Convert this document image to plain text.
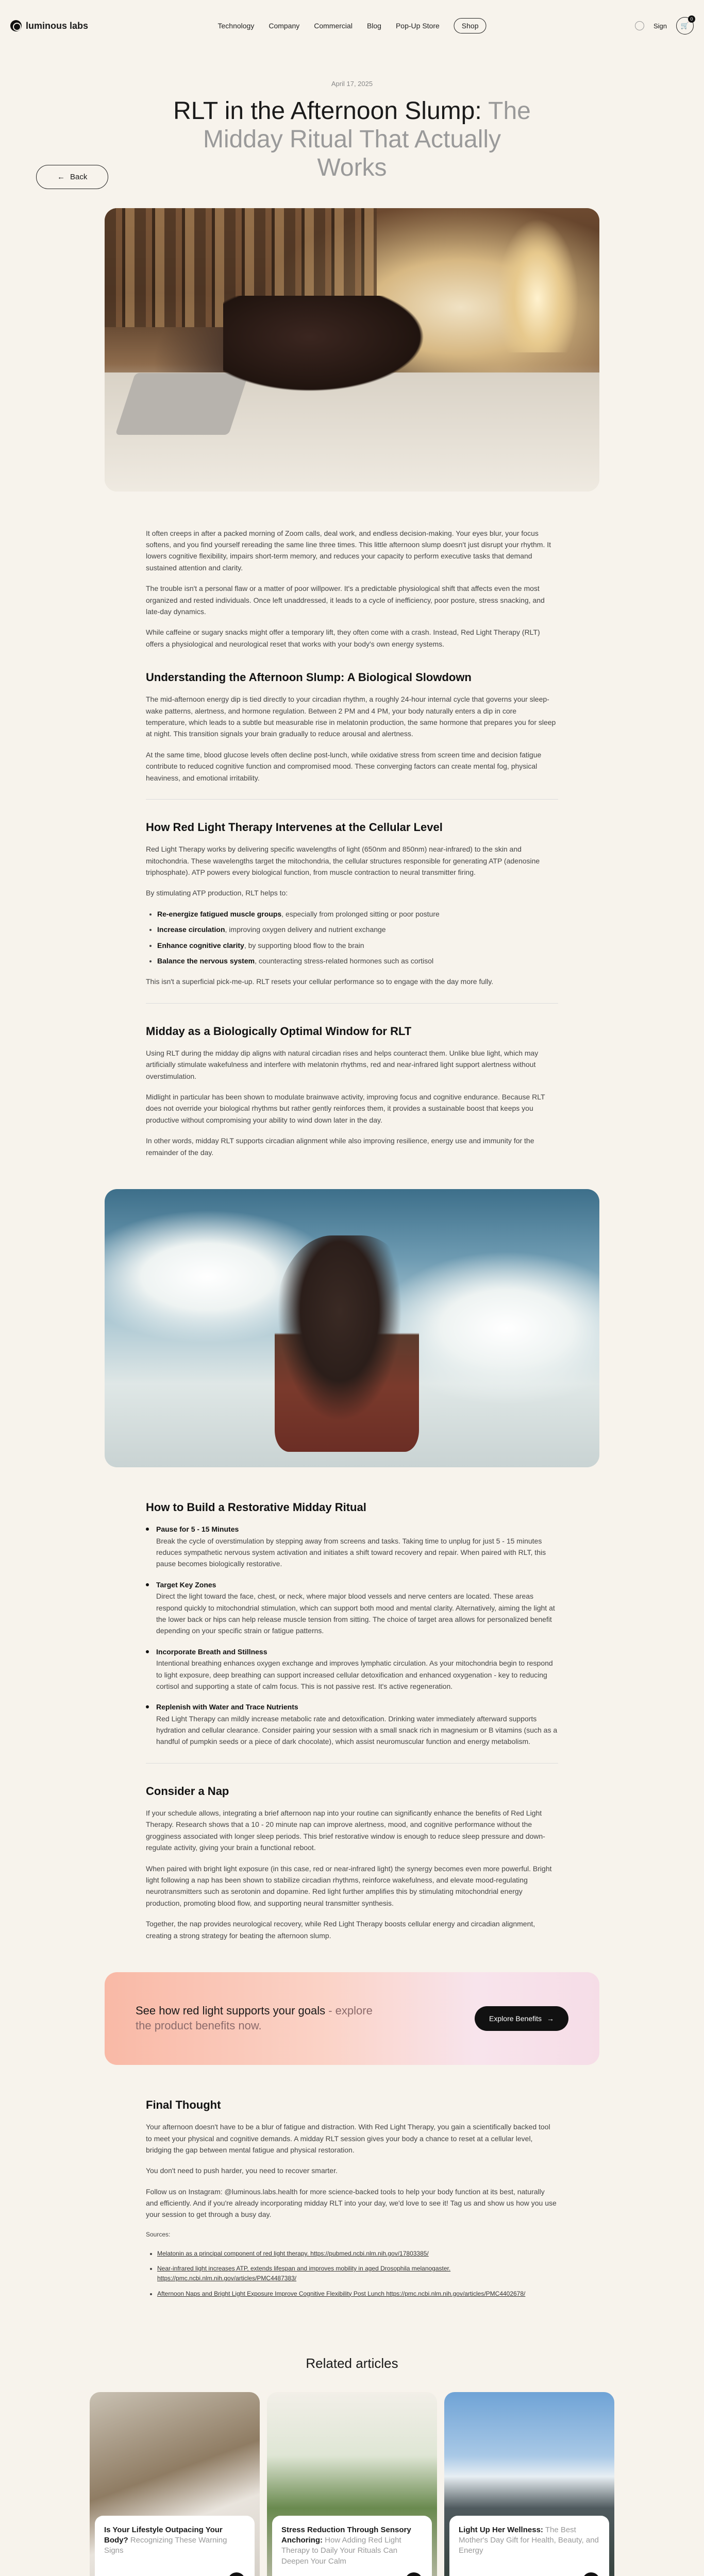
luminous labs	Technology Company Commercial Blog Pop-Up Store	Shop	Sign 🛒
0
← Back
April 17, 2025
RLT in the Afternoon Slump: The Midday Ritual That Actually Works

It often creeps in after a packed morning of Zoom calls, deal work, and endless decision-making. Your eyes blur, your focus softens, and you find yourself rereading the same line three times. This little afternoon slump doesn't just disrupt your rhythm. It lowers cognitive flexibility, impairs short-term memory, and reduces your capacity to perform executive tasks that demand sustained attention and clarity.

The trouble isn't a personal flaw or a matter of poor willpower. It's a predictable physiological shift that affects even the most organized and rested individuals. Once left unaddressed, it leads to a cycle of inefficiency, poor posture, stress snacking, and late-day dynamics.

While caffeine or sugary snacks might offer a temporary lift, they often come with a crash. Instead, Red Light Therapy (RLT) offers a physiological and neurological reset that works with your body's own energy systems.

Understanding the Afternoon Slump: A Biological Slowdown

The mid-afternoon energy dip is tied directly to your circadian rhythm, a roughly 24-hour internal cycle that governs your sleep-wake patterns, alertness, and hormone regulation. Between 2 PM and 4 PM, your body naturally enters a dip in core temperature, which leads to a subtle but measurable rise in melatonin production, the same hormone that prepares you for sleep at night. This transition signals your brain gradually to reduce arousal and alertness.

At the same time, blood glucose levels often decline post-lunch, while oxidative stress from screen time and decision fatigue contribute to reduced cognitive function and compromised mood. These converging factors can create mental fog, physical heaviness, and emotional irritability.

How Red Light Therapy Intervenes at the Cellular Level

Red Light Therapy works by delivering specific wavelengths of light (650nm and 850nm) near-infrared) to the skin and mitochondria. These wavelengths target the mitochondria, the cellular structures responsible for generating ATP (adenosine triphosphate). ATP powers every biological function, from muscle contraction to neural transmitter firing.

By stimulating ATP production, RLT helps to:

• Re-energize fatigued muscle groups, especially from prolonged sitting or poor posture
• Increase circulation, improving oxygen delivery and nutrient exchange
• Enhance cognitive clarity, by supporting blood flow to the brain
• Balance the nervous system, counteracting stress-related hormones such as cortisol

This isn't a superficial pick-me-up. RLT resets your cellular performance so to engage with the day more fully.

Midday as a Biologically Optimal Window for RLT

Using RLT during the midday dip aligns with natural circadian rises and helps counteract them. Unlike blue light, which may artificially stimulate wakefulness and interfere with melatonin rhythms, red and near-infrared light support alertness without overstimulation.

Midlight in particular has been shown to modulate brainwave activity, improving focus and cognitive endurance. Because RLT does not override your biological rhythms but rather gently reinforces them, it provides a sustainable boost that keeps you productive without compromising your ability to wind down later in the day.

In other words, midday RLT supports circadian alignment while also improving resilience, energy use and immunity for the remainder of the day.

How to Build a Restorative Midday Ritual
Pause for 5 - 15 Minutes
Break the cycle of overstimulation by stepping away from screens and tasks. Taking time to unplug for just 5 - 15 minutes reduces sympathetic nervous system activation and initiates a shift toward recovery and repair. When paired with RLT, this pause becomes biologically restorative.
Target Key Zones
Direct the light toward the face, chest, or neck, where major blood vessels and nerve centers are located. These areas respond quickly to mitochondrial stimulation, which can support both mood and mental clarity. Alternatively, aiming the light at the lower back or hips can help release muscle tension from sitting. The choice of target area allows for personalized benefit depending on your specific strain or fatigue patterns.
Incorporate Breath and Stillness
Intentional breathing enhances oxygen exchange and improves lymphatic circulation. As your mitochondria begin to respond to light exposure, deep breathing can support increased cellular detoxification and enhanced oxygenation - key to reducing cortisol and supporting a state of calm focus. This is not passive rest. It's active regeneration.
Replenish with Water and Trace Nutrients
Red Light Therapy can mildly increase metabolic rate and detoxification. Drinking water immediately afterward supports hydration and cellular clearance. Consider pairing your session with a small snack rich in magnesium or B vitamins (such as a handful of pumpkin seeds or a piece of dark chocolate), which assist neuromuscular function and energy metabolism.
Consider a Nap

If your schedule allows, integrating a brief afternoon nap into your routine can significantly enhance the benefits of Red Light Therapy. Research shows that a 10 - 20 minute nap can improve alertness, mood, and cognitive performance without the grogginess associated with longer sleep periods. This brief restorative window is enough to reduce sleep pressure and down-regulate activity, giving your brain a functional reboot.

When paired with bright light exposure (in this case, red or near-infrared light) the synergy becomes even more powerful. Bright light following a nap has been shown to stabilize circadian rhythms, reinforce wakefulness, and elevate mood-regulating neurotransmitters such as serotonin and dopamine. Red light further amplifies this by stimulating mitochondrial energy production, promoting blood flow, and supporting neural transmitter synthesis.

Together, the nap provides neurological recovery, while Red Light Therapy boosts cellular energy and circadian alignment, creating a strong strategy for beating the afternoon slump.

See how red light supports your goals - explore the product benefits now.
Explore Benefits →
Final Thought

Your afternoon doesn't have to be a blur of fatigue and distraction. With Red Light Therapy, you gain a scientifically backed tool to meet your physical and cognitive demands. A midday RLT session gives your body a chance to reset at a cellular level, bridging the gap between mental fatigue and physical restoration.

You don't need to push harder, you need to recover smarter.

Follow us on Instagram: @luminous.labs.health for more science-backed tools to help your body function at its best, naturally and efficiently. And if you're already incorporating midday RLT into your day, we'd love to see it! Tag us and show us how you use your session to get through a busy day.

Sources:

• Melatonin as a principal component of red light therapy. https://pubmed.ncbi.nlm.nih.gov/17803385/
• Near-infrared light increases ATP, extends lifespan and improves mobility in aged Drosophila melanogaster. https://pmc.ncbi.nlm.nih.gov/articles/PMC4487383/
• Afternoon Naps and Bright Light Exposure Improve Cognitive Flexibility Post Lunch https://pmc.ncbi.nlm.nih.gov/articles/PMC4402678/
Related articles
Is Your Lifestyle Outpacing Your Body? Recognizing These Warning Signs
Stress Reduction Through Sensory Anchoring: How Adding Red Light Therapy to Daily Your Rituals Can Deepen Your Calm
Light Up Her Wellness: The Best Mother's Day Gift for Health, Beauty, and Energy
